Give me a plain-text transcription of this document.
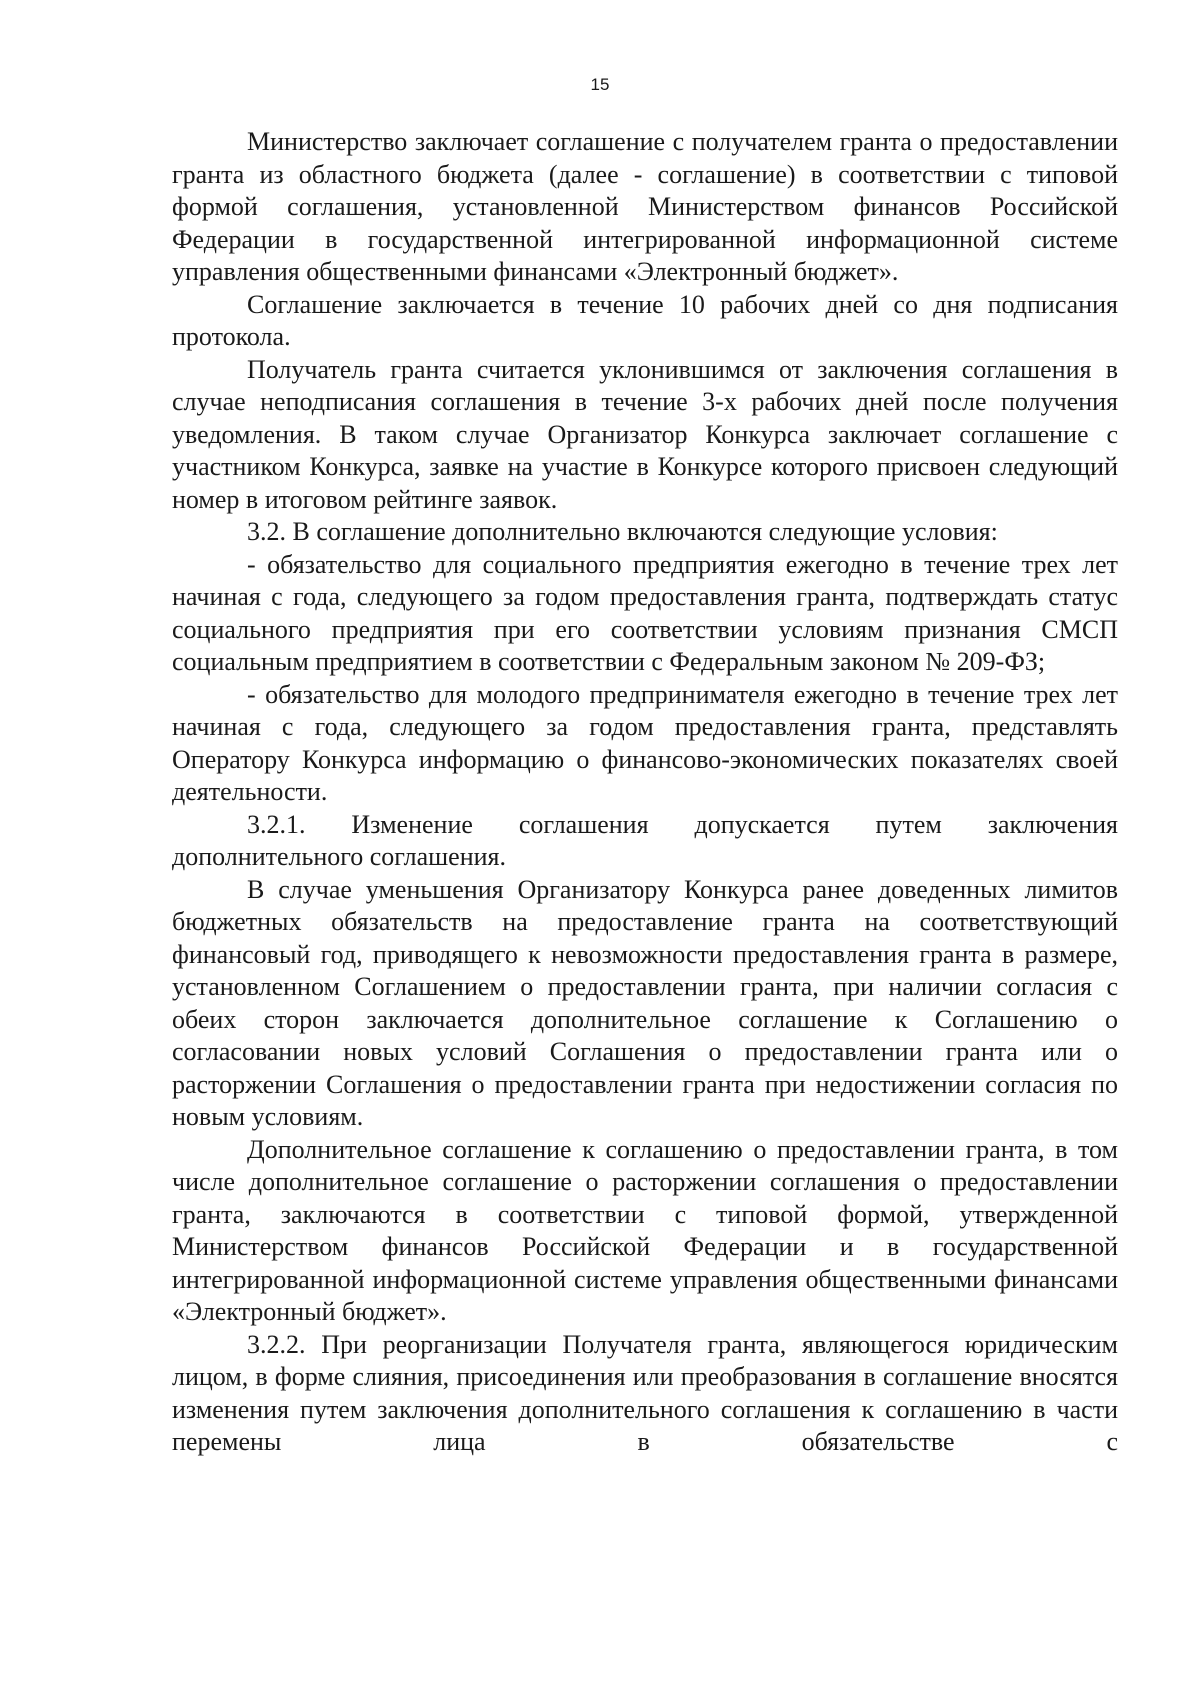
15

Министерство заключает соглашение с получателем гранта о предоставлении гранта из областного бюджета (далее - соглашение) в соответствии с типовой формой соглашения, установленной Министерством финансов Российской Федерации в государственной интегрированной информационной системе управления общественными финансами «Электронный бюджет».

Соглашение заключается в течение 10 рабочих дней со дня подписания протокола.

Получатель гранта считается уклонившимся от заключения соглашения в случае неподписания соглашения в течение 3-х рабочих дней после получения уведомления. В таком случае Организатор Конкурса заключает соглашение с участником Конкурса, заявке на участие в Конкурсе которого присвоен следующий номер в итоговом рейтинге заявок.

3.2. В соглашение дополнительно включаются следующие условия:

- обязательство для социального предприятия ежегодно в течение трех лет начиная с года, следующего за годом предоставления гранта, подтверждать статус социального предприятия при его соответствии условиям признания СМСП социальным предприятием в соответствии с Федеральным законом № 209-ФЗ;

- обязательство для молодого предпринимателя ежегодно в течение трех лет начиная с года, следующего за годом предоставления гранта, представлять Оператору Конкурса информацию о финансово-экономических показателях своей деятельности.

3.2.1. Изменение соглашения допускается путем заключения дополнительного соглашения.

В случае уменьшения Организатору Конкурса ранее доведенных лимитов бюджетных обязательств на предоставление гранта на соответствующий финансовый год, приводящего к невозможности предоставления гранта в размере, установленном Соглашением о предоставлении гранта, при наличии согласия с обеих сторон заключается дополнительное соглашение к Соглашению о согласовании новых условий Соглашения о предоставлении гранта или о расторжении Соглашения о предоставлении гранта при недостижении согласия по новым условиям.

Дополнительное соглашение к соглашению о предоставлении гранта, в том числе дополнительное соглашение о расторжении соглашения о предоставлении гранта, заключаются в соответствии с типовой формой, утвержденной Министерством финансов Российской Федерации и в государственной интегрированной информационной системе управления общественными финансами «Электронный бюджет».

3.2.2. При реорганизации Получателя гранта, являющегося юридическим лицом, в форме слияния, присоединения или преобразования в соглашение вносятся изменения путем заключения дополнительного соглашения к соглашению в части перемены лица в обязательстве с
